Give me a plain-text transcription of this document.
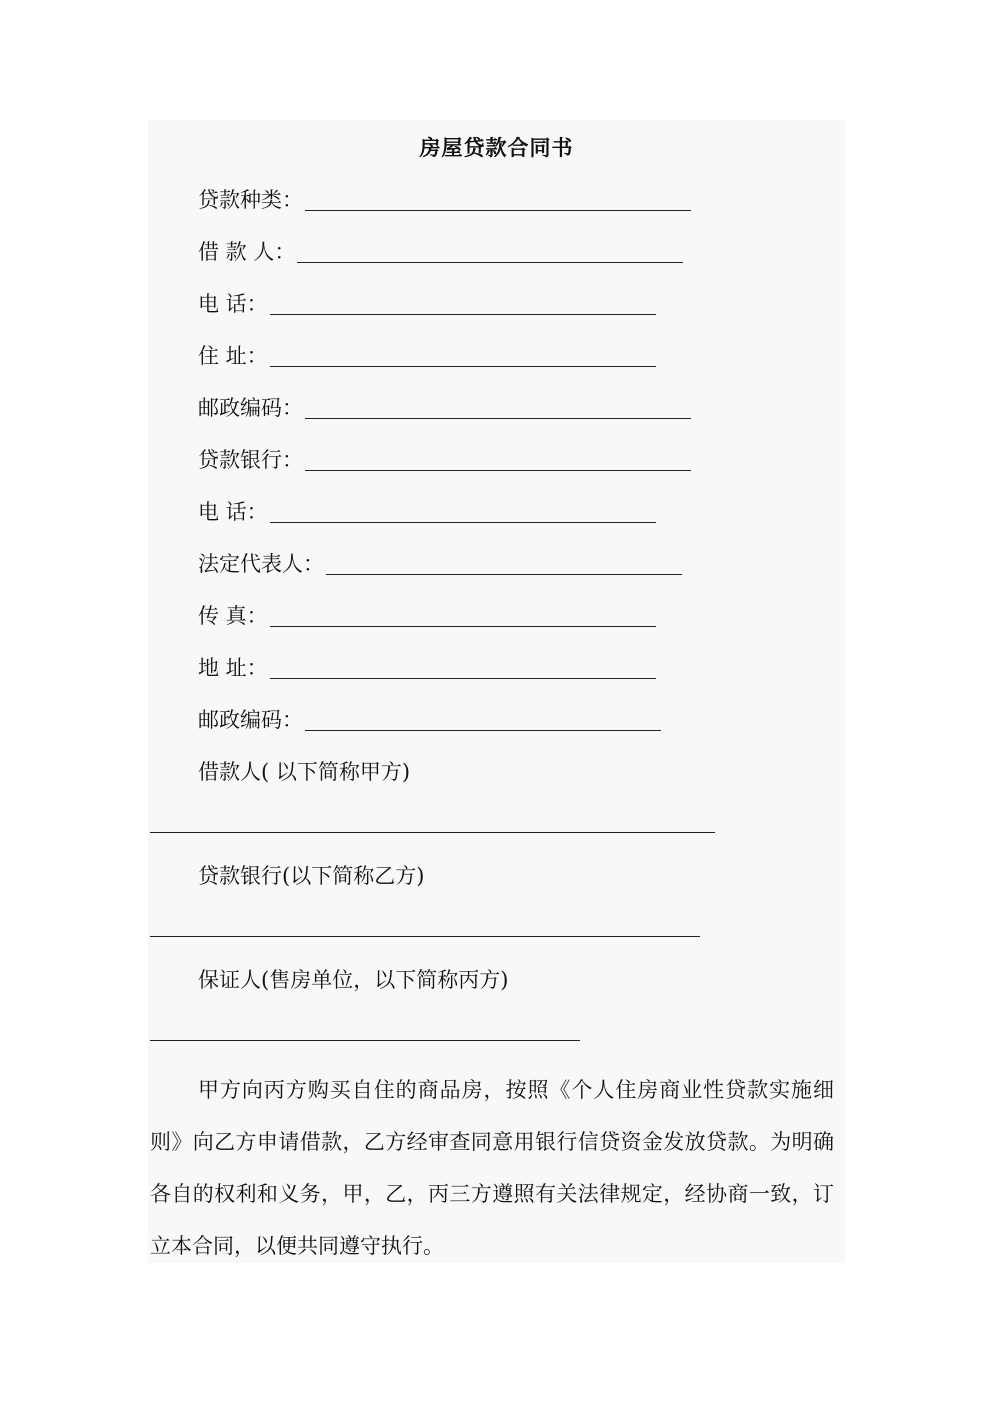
房屋贷款合同书
贷款种类：
借 款 人：
电 话：
住 址：
邮政编码：
贷款银行：
电 话：
法定代表人：
传 真：
地 址：
邮政编码：
借款人( 以下简称甲方)
贷款银行(以下简称乙方)
保证人(售房单位，以下简称丙方)

甲方向丙方购买自住的商品房，按照《个人住房商业性贷款实施细则》向乙方申请借款，乙方经审查同意用银行信贷资金发放贷款。为明确各自的权利和义务，甲，乙，丙三方遵照有关法律规定，经协商一致，订立本合同，以便共同遵守执行。
